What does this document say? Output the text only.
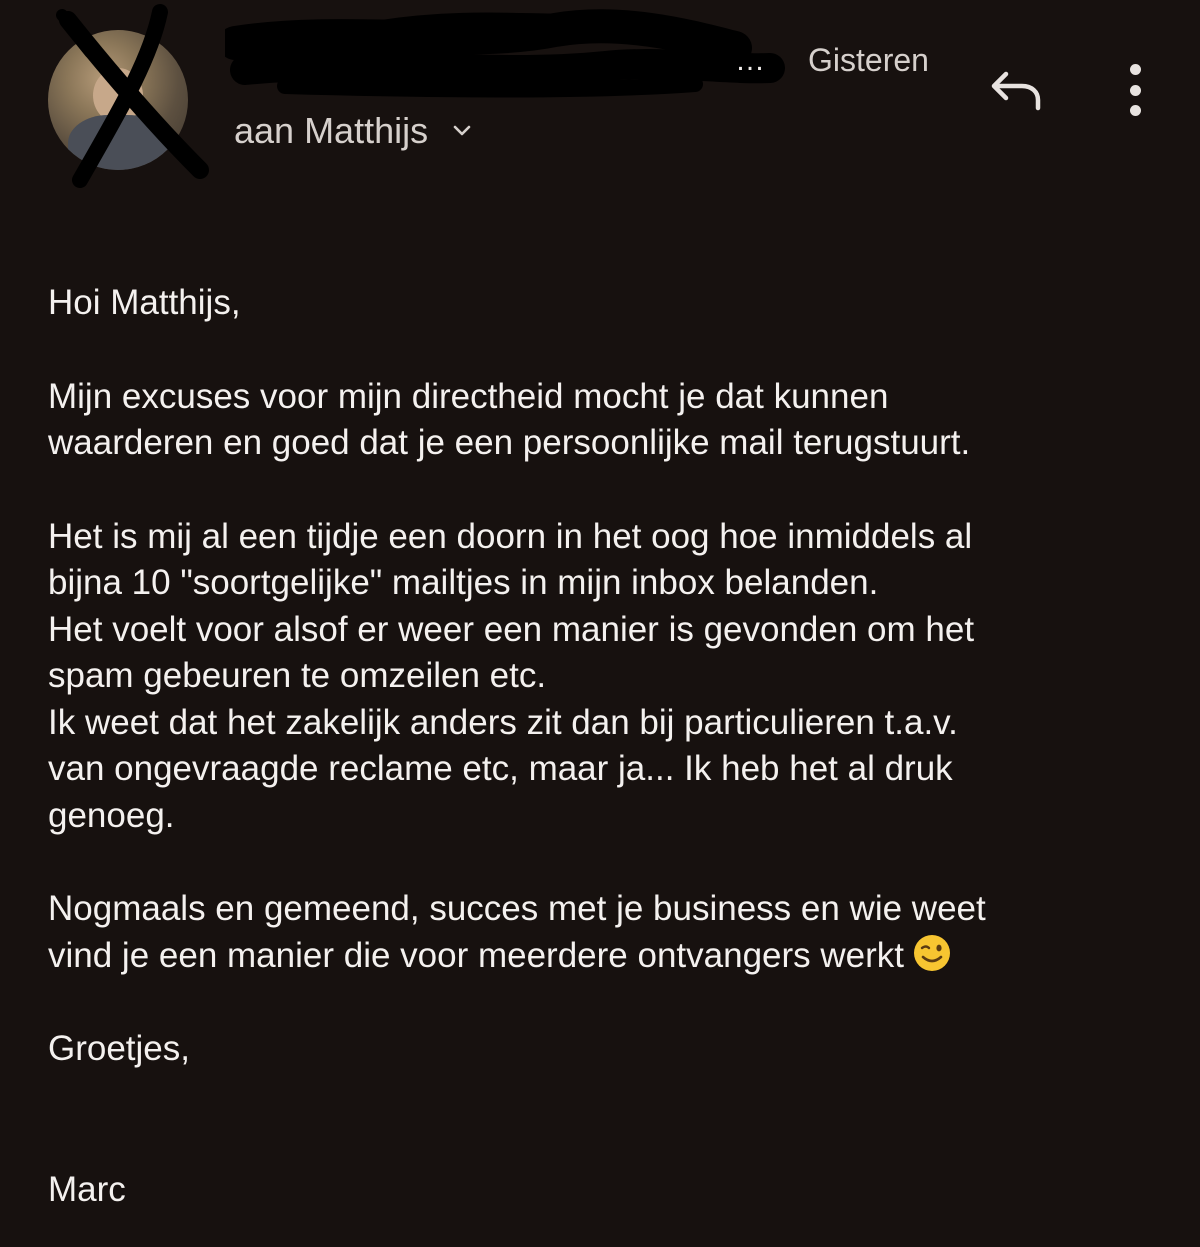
… Gisteren
aan Matthijs

Hoi Matthijs,

Mijn excuses voor mijn directheid mocht je dat kunnen
waarderen en goed dat je een persoonlijke mail terugstuurt.

Het is mij al een tijdje een doorn in het oog hoe inmiddels al
bijna 10 "soortgelijke" mailtjes in mijn inbox belanden.
Het voelt voor alsof er weer een manier is gevonden om het
spam gebeuren te omzeilen etc.
Ik weet dat het zakelijk anders zit dan bij particulieren t.a.v.
van ongevraagde reclame etc, maar ja... Ik heb het al druk
genoeg.

Nogmaals en gemeend, succes met je business en wie weet
vind je een manier die voor meerdere ontvangers werkt

Groetjes,

Marc
